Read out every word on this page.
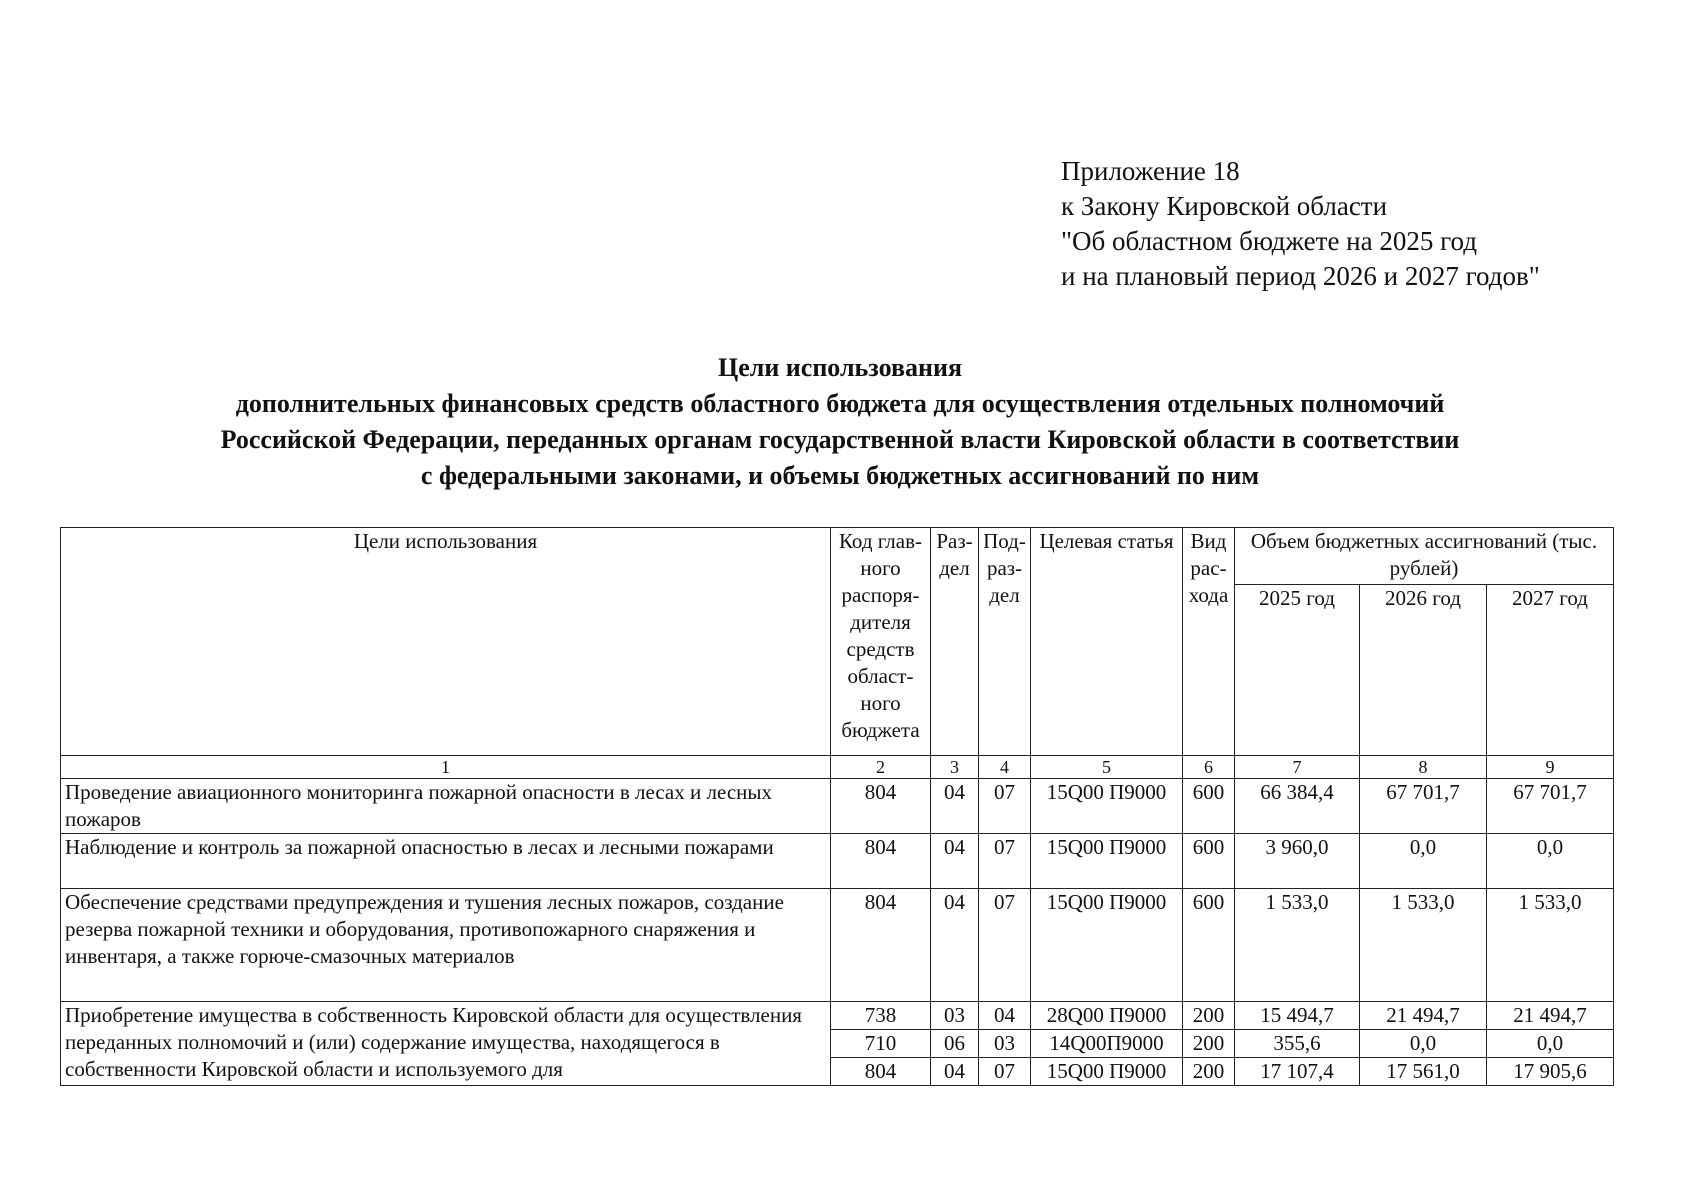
Приложение 18
к Закону Кировской области
"Об областном бюджете на 2025 год
и на плановый период 2026 и 2027 годов"
Цели использования
дополнительных финансовых средств областного бюджета для осуществления отдельных полномочий
Российской Федерации, переданных органам государственной власти Кировской области в соответствии
с федеральными законами, и объемы бюджетных ассигнований по ним
Цели использования	Код глав- ного распоря- дителя средств област- ного бюджета	Раз- дел	Под- раз- дел	Целевая статья	Вид рас- хода	Объем бюджетных ассигнований (тыс. рублей)		
						2025 год	2026 год	2027 год
1	2	3	4	5	6	7	8	9
Проведение авиационного мониторинга пожарной опасности в лесах и лесных пожаров	804	04	07	15Q00 П9000	600	66 384,4	67 701,7	67 701,7
Наблюдение и контроль за пожарной опасностью в лесах и лесными пожарами	804	04	07	15Q00 П9000	600	3 960,0	0,0	0,0
Обеспечение средствами предупреждения и тушения лесных пожаров, создание резерва пожарной техники и оборудования, противопожарного снаряжения и инвентаря, а также горюче-смазочных материалов	804	04	07	15Q00 П9000	600	1 533,0	1 533,0	1 533,0
Приобретение имущества в собственность Кировской области для осуществления переданных полномочий и (или) содержание имущества, находящегося в собственности Кировской области и используемого для	738	03	04	28Q00 П9000	200	15 494,7	21 494,7	21 494,7
	710	06	03	14Q00П9000	200	355,6	0,0	0,0
	804	04	07	15Q00 П9000	200	17 107,4	17 561,0	17 905,6
